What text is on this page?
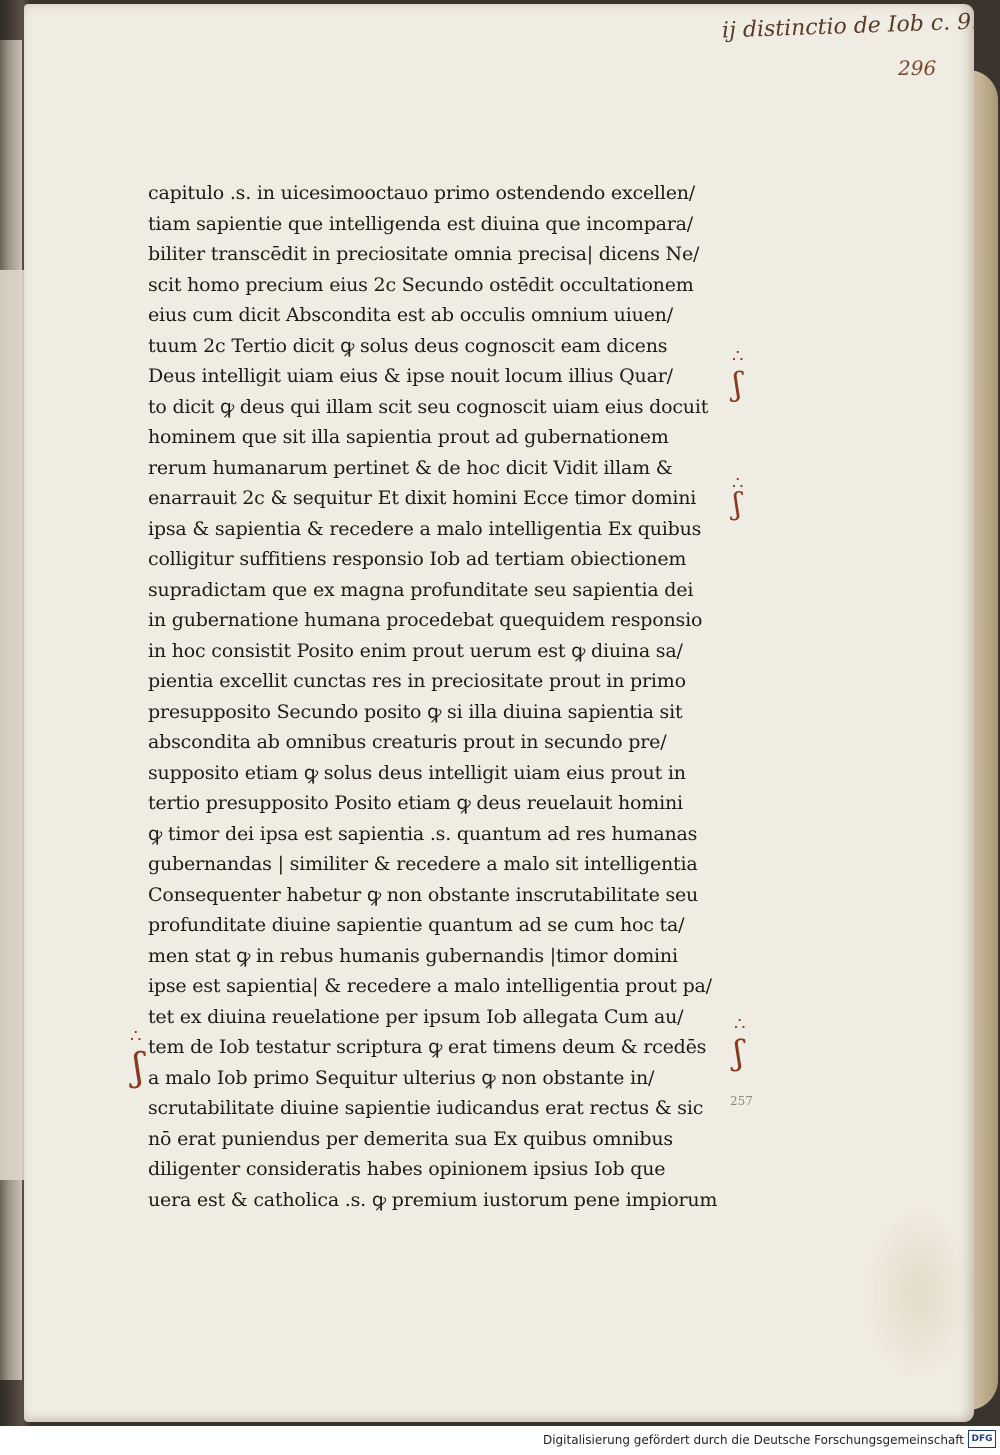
ij distinctio de Iob c. 9.
296
capitulo .s. in uicesimooctauo primo ostendendo excellen/
tiam sapientie que intelligenda est diuina que incompara/
biliter transcēdit in preciositate omnia precisa| dicens Ne/
scit homo precium eius 2c Secundo ostēdit occultationem
eius cum dicit Abscondita est ab occulis omnium uiuen/
tuum 2c Tertio dicit ꝙ solus deus cognoscit eam dicens
Deus intelligit uiam eius & ipse nouit locum illius Quar/
to dicit ꝙ deus qui illam scit seu cognoscit uiam eius docuit
hominem que sit illa sapientia prout ad gubernationem
rerum humanarum pertinet & de hoc dicit Vidit illam &
enarrauit 2c & sequitur Et dixit homini Ecce timor domini
ipsa & sapientia & recedere a malo intelligentia Ex quibus
colligitur suffitiens responsio Iob ad tertiam obiectionem
supradictam que ex magna profunditate seu sapientia dei
in gubernatione humana procedebat quequidem responsio
in hoc consistit Posito enim prout uerum est ꝙ diuina sa/
pientia excellit cunctas res in preciositate prout in primo
presupposito Secundo posito ꝙ si illa diuina sapientia sit
abscondita ab omnibus creaturis prout in secundo pre/
supposito etiam ꝙ solus deus intelligit uiam eius prout in
tertio presupposito Posito etiam ꝙ deus reuelauit homini
ꝙ timor dei ipsa est sapientia .s. quantum ad res humanas
gubernandas | similiter & recedere a malo sit intelligentia
Consequenter habetur ꝙ non obstante inscrutabilitate seu
profunditate diuine sapientie quantum ad se cum hoc ta/
men stat ꝙ in rebus humanis gubernandis |timor domini
ipse est sapientia| & recedere a malo intelligentia prout pa/
tet ex diuina reuelatione per ipsum Iob allegata Cum au/
tem de Iob testatur scriptura ꝙ erat timens deum & rcedēs
a malo Iob primo Sequitur ulterius ꝙ non obstante in/
scrutabilitate diuine sapientie iudicandus erat rectus & sic
nō erat puniendus per demerita sua Ex quibus omnibus
diligenter consideratis habes opinionem ipsius Iob que
uera est & catholica .s. ꝙ premium iustorum pene impiorum
∴
ʃ
∴
ʃ
∴
ʃ
∴
ʃ
257
Digitalisierung gefördert durch die Deutsche Forschungsgemeinschaft DFG
